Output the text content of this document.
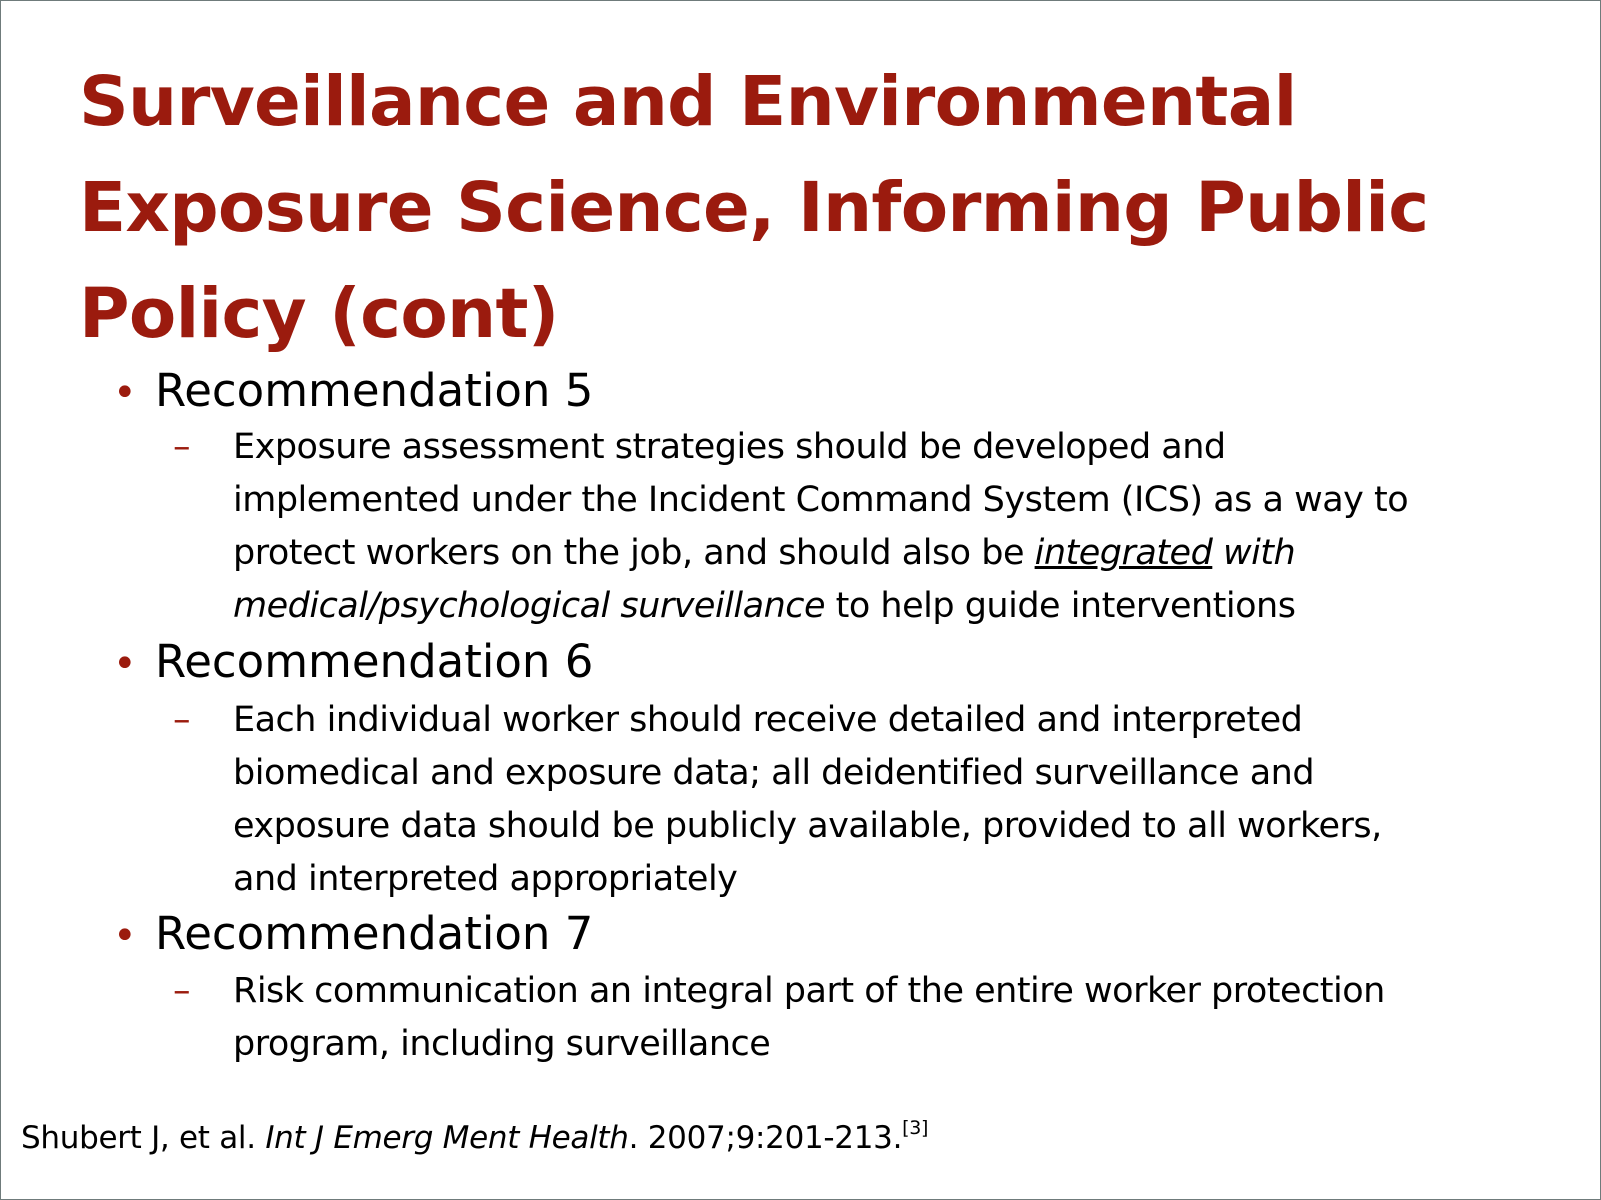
Surveillance and Environmental
Exposure Science, Informing Public
Policy (cont)
• Recommendation 5
– Exposure assessment strategies should be developed and
implemented under the Incident Command System (ICS) as a way to
protect workers on the job, and should also be integrated with
medical/psychological surveillance to help guide interventions
• Recommendation 6
– Each individual worker should receive detailed and interpreted
biomedical and exposure data; all deidentified surveillance and
exposure data should be publicly available, provided to all workers,
and interpreted appropriately
• Recommendation 7
– Risk communication an integral part of the entire worker protection
program, including surveillance
Shubert J, et al. Int J Emerg Ment Health. 2007;9:201-213.[3]
